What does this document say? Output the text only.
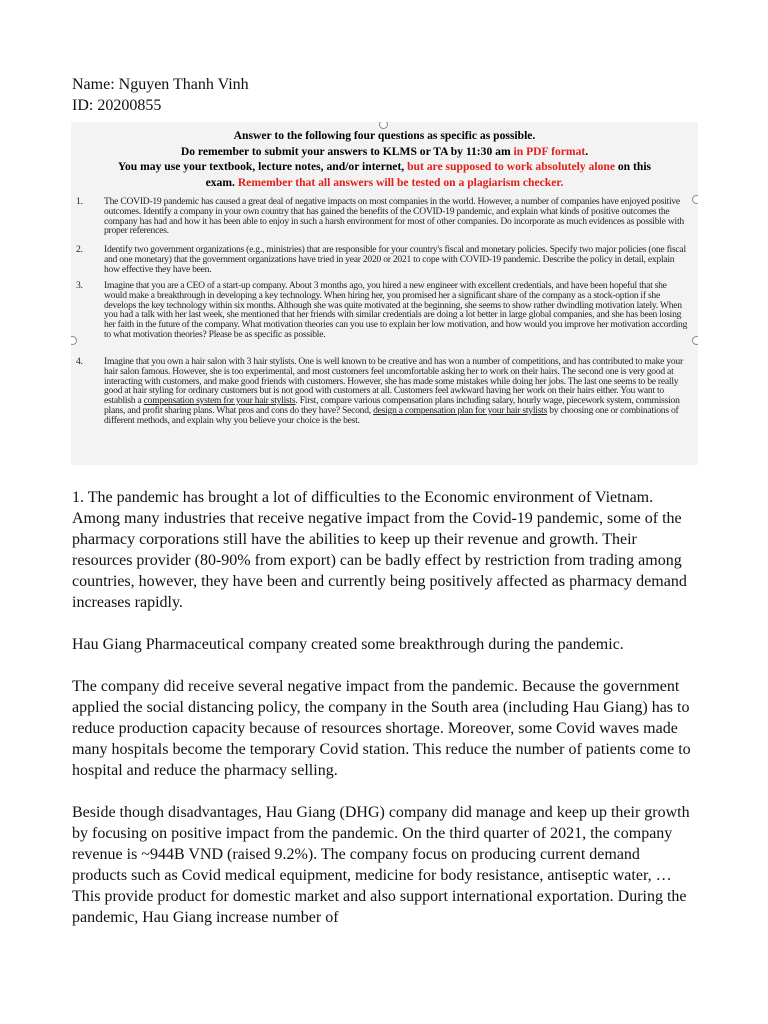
Name: Nguyen Thanh Vinh
ID: 20200855
Answer to the following four questions as specific as possible.
Do remember to submit your answers to KLMS or TA by 11:30 am in PDF format.
You may use your textbook, lecture notes, and/or internet, but are supposed to work absolutely alone on this
exam. Remember that all answers will be tested on a plagiarism checker.
1.	The COVID-19 pandemic has caused a great deal of negative impacts on most companies in the world. However, a number of companies have enjoyed positive outcomes. Identify a company in your own country that has gained the benefits of the COVID-19 pandemic, and explain what kinds of positive outcomes the company has had and how it has been able to enjoy in such a harsh environment for most of other companies. Do incorporate as much evidences as possible with proper references.
2.	Identify two government organizations (e.g., ministries) that are responsible for your country's fiscal and monetary policies. Specify two major policies (one fiscal and one monetary) that the government organizations have tried in year 2020 or 2021 to cope with COVID-19 pandemic. Describe the policy in detail, explain how effective they have been.
3.	Imagine that you are a CEO of a start-up company. About 3 months ago, you hired a new engineer with excellent credentials, and have been hopeful that she would make a breakthrough in developing a key technology. When hiring her, you promised her a significant share of the company as a stock-option if she develops the key technology within six months. Although she was quite motivated at the beginning, she seems to show rather dwindling motivation lately. When you had a talk with her last week, she mentioned that her friends with similar credentials are doing a lot better in large global companies, and she has been losing her faith in the future of the company. What motivation theories can you use to explain her low motivation, and how would you improve her motivation according to what motivation theories? Please be as specific as possible.
4.	Imagine that you own a hair salon with 3 hair stylists. One is well known to be creative and has won a number of competitions, and has contributed to make your hair salon famous. However, she is too experimental, and most customers feel uncomfortable asking her to work on their hairs. The second one is very good at interacting with customers, and make good friends with customers. However, she has made some mistakes while doing her jobs. The last one seems to be really good at hair styling for ordinary customers but is not good with customers at all. Customers feel awkward having her work on their hairs either. You want to establish a compensation system for your hair stylists. First, compare various compensation plans including salary, hourly wage, piecework system, commission plans, and profit sharing plans. What pros and cons do they have? Second, design a compensation plan for your hair stylists by choosing one or combinations of different methods, and explain why you believe your choice is the best.

1. The pandemic has brought a lot of difficulties to the Economic environment of Vietnam. Among many industries that receive negative impact from the Covid-19 pandemic, some of the pharmacy corporations still have the abilities to keep up their revenue and growth. Their resources provider (80-90% from export) can be badly effect by restriction from trading among countries, however, they have been and currently being positively affected as pharmacy demand increases rapidly.

Hau Giang Pharmaceutical company created some breakthrough during the pandemic.

The company did receive several negative impact from the pandemic. Because the government applied the social distancing policy, the company in the South area (including Hau Giang) has to reduce production capacity because of resources shortage. Moreover, some Covid waves made many hospitals become the temporary Covid station. This reduce the number of patients come to hospital and reduce the pharmacy selling.

Beside though disadvantages, Hau Giang (DHG) company did manage and keep up their growth by focusing on positive impact from the pandemic. On the third quarter of 2021, the company revenue is ~944B VND (raised 9.2%). The company focus on producing current demand products such as Covid medical equipment, medicine for body resistance, antiseptic water, … This provide product for domestic market and also support international exportation. During the pandemic, Hau Giang increase number of
